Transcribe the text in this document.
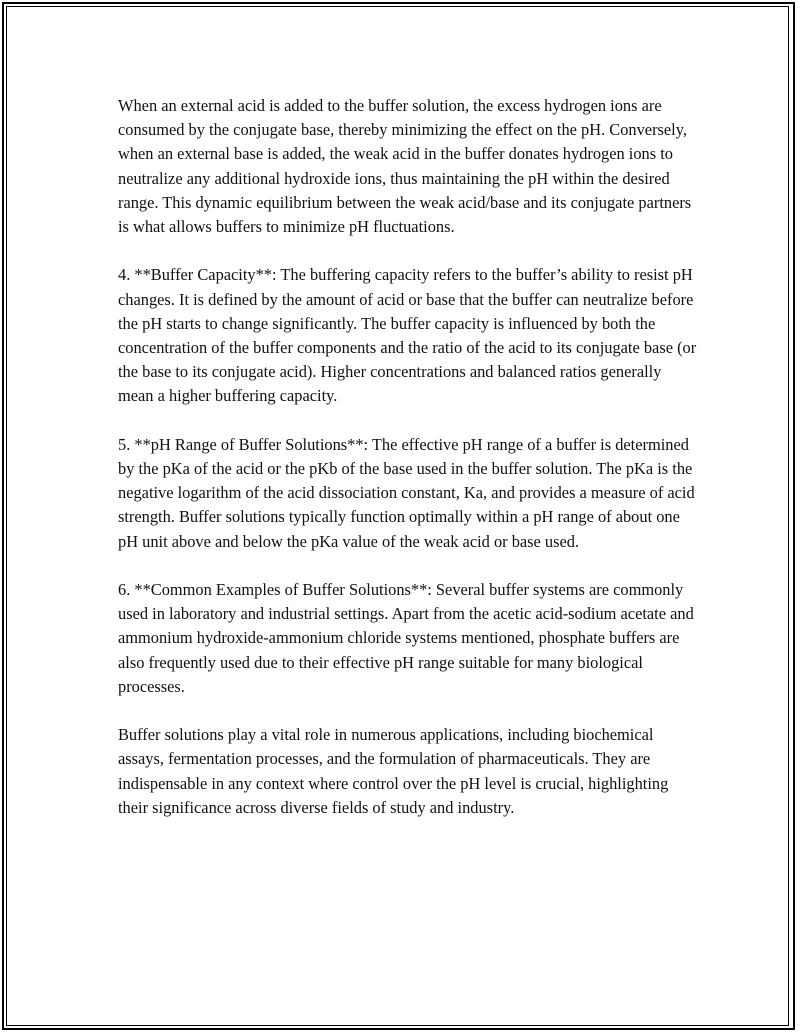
When an external acid is added to the buffer solution, the excess hydrogen ions are consumed by the conjugate base, thereby minimizing the effect on the pH. Conversely, when an external base is added, the weak acid in the buffer donates hydrogen ions to neutralize any additional hydroxide ions, thus maintaining the pH within the desired range. This dynamic equilibrium between the weak acid/base and its conjugate partners is what allows buffers to minimize pH fluctuations.

4. **Buffer Capacity**: The buffering capacity refers to the buffer’s ability to resist pH changes. It is defined by the amount of acid or base that the buffer can neutralize before the pH starts to change significantly. The buffer capacity is influenced by both the concentration of the buffer components and the ratio of the acid to its conjugate base (or the base to its conjugate acid). Higher concentrations and balanced ratios generally mean a higher buffering capacity.

5. **pH Range of Buffer Solutions**: The effective pH range of a buffer is determined by the pKa of the acid or the pKb of the base used in the buffer solution. The pKa is the negative logarithm of the acid dissociation constant, Ka, and provides a measure of acid strength. Buffer solutions typically function optimally within a pH range of about one pH unit above and below the pKa value of the weak acid or base used.

6. **Common Examples of Buffer Solutions**: Several buffer systems are commonly used in laboratory and industrial settings. Apart from the acetic acid-sodium acetate and ammonium hydroxide-ammonium chloride systems mentioned, phosphate buffers are also frequently used due to their effective pH range suitable for many biological processes.

Buffer solutions play a vital role in numerous applications, including biochemical assays, fermentation processes, and the formulation of pharmaceuticals. They are indispensable in any context where control over the pH level is crucial, highlighting their significance across diverse fields of study and industry.
